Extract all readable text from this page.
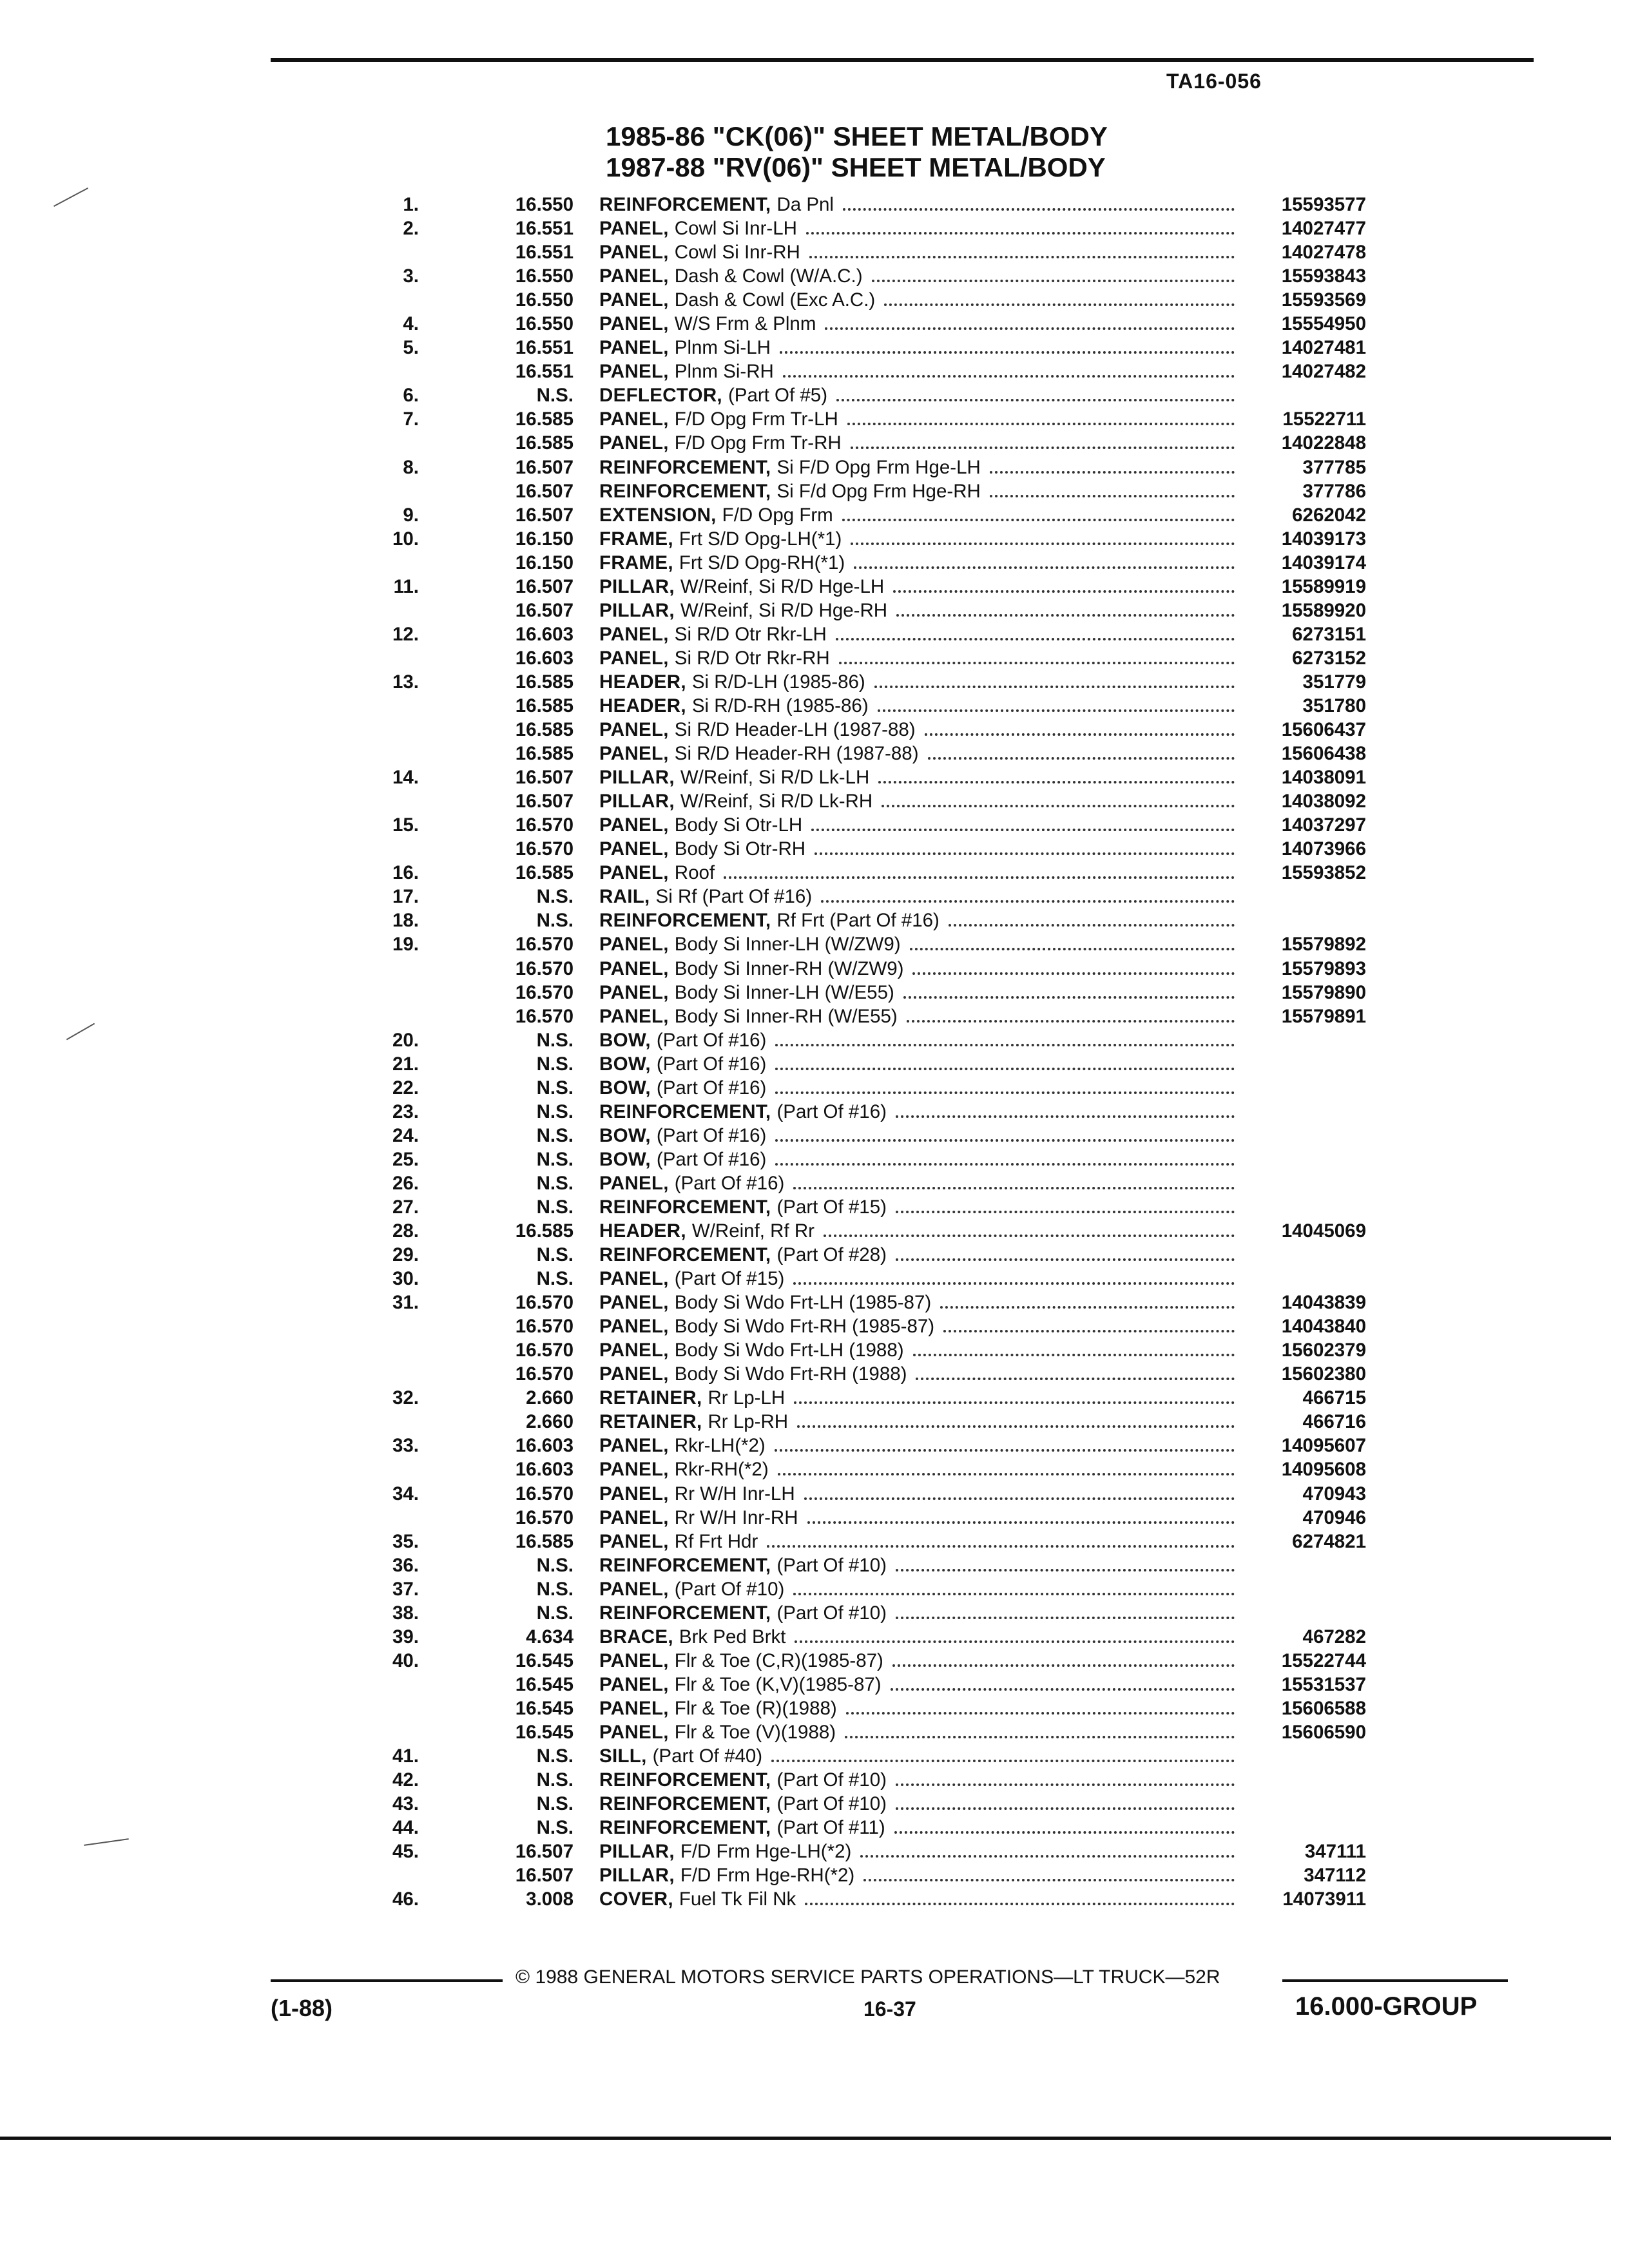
TA16-056
1985-86 "CK(06)" SHEET METAL/BODY
1987-88 "RV(06)" SHEET METAL/BODY
1.	16.550 REINFORCEMENT, Da Pnl	15593577
2.	16.551 PANEL, Cowl Si Inr-LH	14027477
16.551 PANEL, Cowl Si Inr-RH	14027478
3.	16.550 PANEL, Dash & Cowl (W/A.C.)	15593843
16.550 PANEL, Dash & Cowl (Exc A.C.)	15593569
4.	16.550 PANEL, W/S Frm & Plnm	15554950
5.	16.551 PANEL, Plnm Si-LH	14027481
16.551 PANEL, Plnm Si-RH	14027482
6.	N.S. DEFLECTOR, (Part Of #5)
7.	16.585 PANEL, F/D Opg Frm Tr-LH	15522711
16.585 PANEL, F/D Opg Frm Tr-RH	14022848
8.	16.507 REINFORCEMENT, Si F/D Opg Frm Hge-LH	377785
16.507 REINFORCEMENT, Si F/d Opg Frm Hge-RH	377786
9.	16.507 EXTENSION, F/D Opg Frm	6262042
10.	16.150 FRAME, Frt S/D Opg-LH(*1)	14039173
16.150 FRAME, Frt S/D Opg-RH(*1)	14039174
11.	16.507 PILLAR, W/Reinf, Si R/D Hge-LH	15589919
16.507 PILLAR, W/Reinf, Si R/D Hge-RH	15589920
12.	16.603 PANEL, Si R/D Otr Rkr-LH	6273151
16.603 PANEL, Si R/D Otr Rkr-RH	6273152
13.	16.585 HEADER, Si R/D-LH (1985-86)	351779
16.585 HEADER, Si R/D-RH (1985-86)	351780
16.585 PANEL, Si R/D Header-LH (1987-88)	15606437
16.585 PANEL, Si R/D Header-RH (1987-88)	15606438
14.	16.507 PILLAR, W/Reinf, Si R/D Lk-LH	14038091
16.507 PILLAR, W/Reinf, Si R/D Lk-RH	14038092
15.	16.570 PANEL, Body Si Otr-LH	14037297
16.570 PANEL, Body Si Otr-RH	14073966
16.	16.585 PANEL, Roof	15593852
17.	N.S. RAIL, Si Rf (Part Of #16)
18.	N.S. REINFORCEMENT, Rf Frt (Part Of #16)
19.	16.570 PANEL, Body Si Inner-LH (W/ZW9)	15579892
16.570 PANEL, Body Si Inner-RH (W/ZW9)	15579893
16.570 PANEL, Body Si Inner-LH (W/E55)	15579890
16.570 PANEL, Body Si Inner-RH (W/E55)	15579891
20.	N.S. BOW, (Part Of #16)
21.	N.S. BOW, (Part Of #16)
22.	N.S. BOW, (Part Of #16)
23.	N.S. REINFORCEMENT, (Part Of #16)
24.	N.S. BOW, (Part Of #16)
25.	N.S. BOW, (Part Of #16)
26.	N.S. PANEL, (Part Of #16)
27.	N.S. REINFORCEMENT, (Part Of #15)
28.	16.585 HEADER, W/Reinf, Rf Rr	14045069
29.	N.S. REINFORCEMENT, (Part Of #28)
30.	N.S. PANEL, (Part Of #15)
31.	16.570 PANEL, Body Si Wdo Frt-LH (1985-87)	14043839
16.570 PANEL, Body Si Wdo Frt-RH (1985-87)	14043840
16.570 PANEL, Body Si Wdo Frt-LH (1988)	15602379
16.570 PANEL, Body Si Wdo Frt-RH (1988)	15602380
32.	2.660 RETAINER, Rr Lp-LH	466715
2.660 RETAINER, Rr Lp-RH	466716
33.	16.603 PANEL, Rkr-LH(*2)	14095607
16.603 PANEL, Rkr-RH(*2)	14095608
34.	16.570 PANEL, Rr W/H Inr-LH	470943
16.570 PANEL, Rr W/H Inr-RH	470946
35.	16.585 PANEL, Rf Frt Hdr	6274821
36.	N.S. REINFORCEMENT, (Part Of #10)
37.	N.S. PANEL, (Part Of #10)
38.	N.S. REINFORCEMENT, (Part Of #10)
39.	4.634 BRACE, Brk Ped Brkt	467282
40.	16.545 PANEL, Flr & Toe (C,R)(1985-87)	15522744
16.545 PANEL, Flr & Toe (K,V)(1985-87)	15531537
16.545 PANEL, Flr & Toe (R)(1988)	15606588
16.545 PANEL, Flr & Toe (V)(1988)	15606590
41.	N.S. SILL, (Part Of #40)
42.	N.S. REINFORCEMENT, (Part Of #10)
43.	N.S. REINFORCEMENT, (Part Of #10)
44.	N.S. REINFORCEMENT, (Part Of #11)
45.	16.507 PILLAR, F/D Frm Hge-LH(*2)	347111
16.507 PILLAR, F/D Frm Hge-RH(*2)	347112
46.	3.008 COVER, Fuel Tk Fil Nk	14073911
© 1988 GENERAL MOTORS SERVICE PARTS OPERATIONS—LT TRUCK—52R
(1-88)	16-37	16.000-GROUP
